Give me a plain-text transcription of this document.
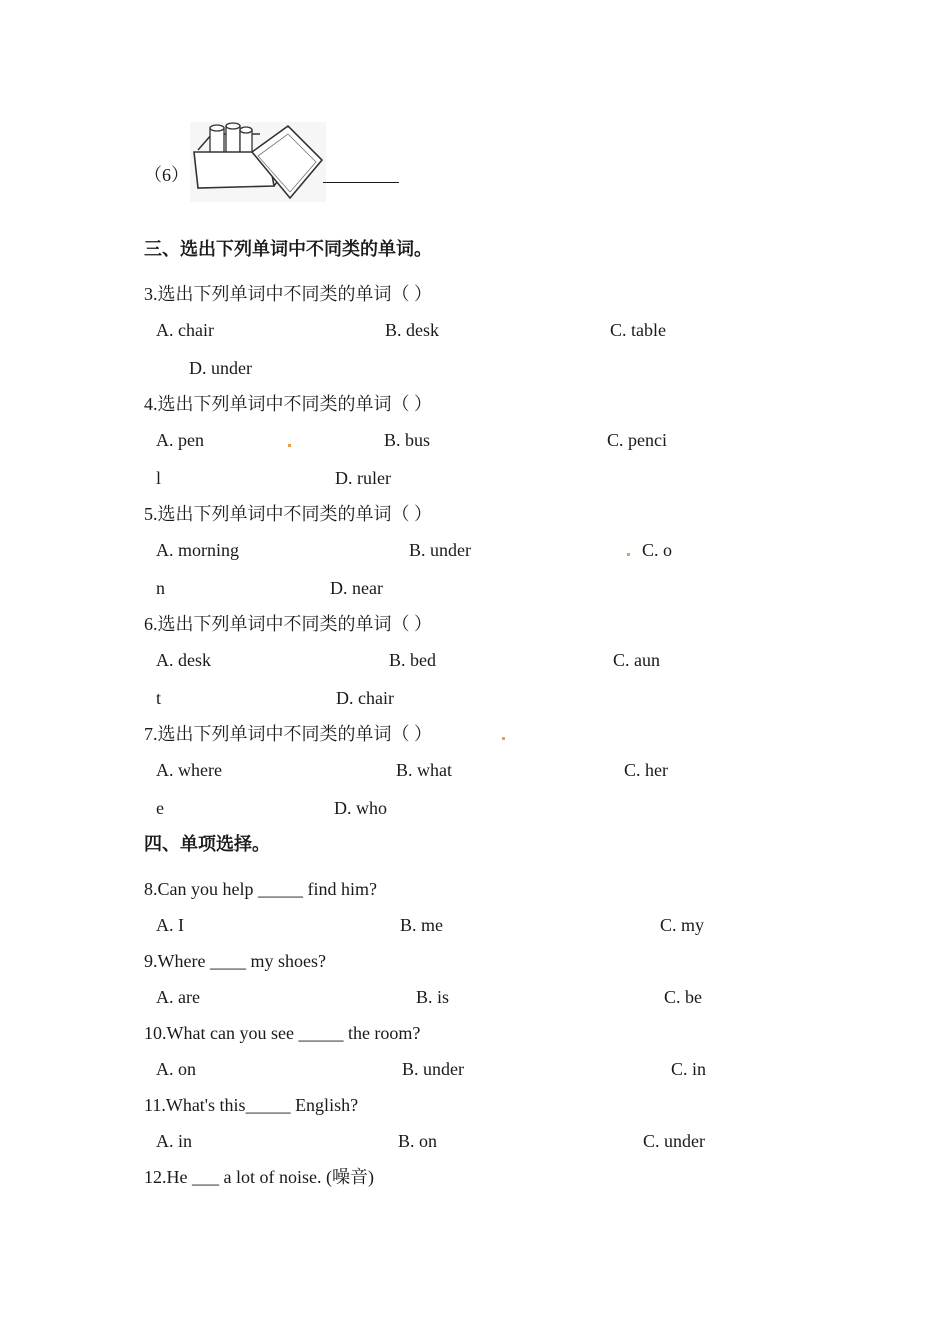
（6）
三、选出下列单词中不同类的单词。
3.选出下列单词中不同类的单词（ ）
A. chair	B. desk	C. table
D. under
4.选出下列单词中不同类的单词（ ）
A. pen	B. bus	C. penci
l	D. ruler
5.选出下列单词中不同类的单词（ ）
A. morning	B. under	C. o
n	D. near
6.选出下列单词中不同类的单词（ ）
A. desk	B. bed	C. aun
t	D. chair
7.选出下列单词中不同类的单词（ ）
A. where	B. what	C. her
e	D. who
四、单项选择。
8.Can you help _____ find him?
A. I	B. me	C. my
9.Where ____ my shoes?
A. are	B. is	C. be
10.What can you see _____ the room?
A. on	B. under	C. in
11.What's this_____ English?
A. in	B. on	C. under
12.He ___ a lot of noise. (噪音)
